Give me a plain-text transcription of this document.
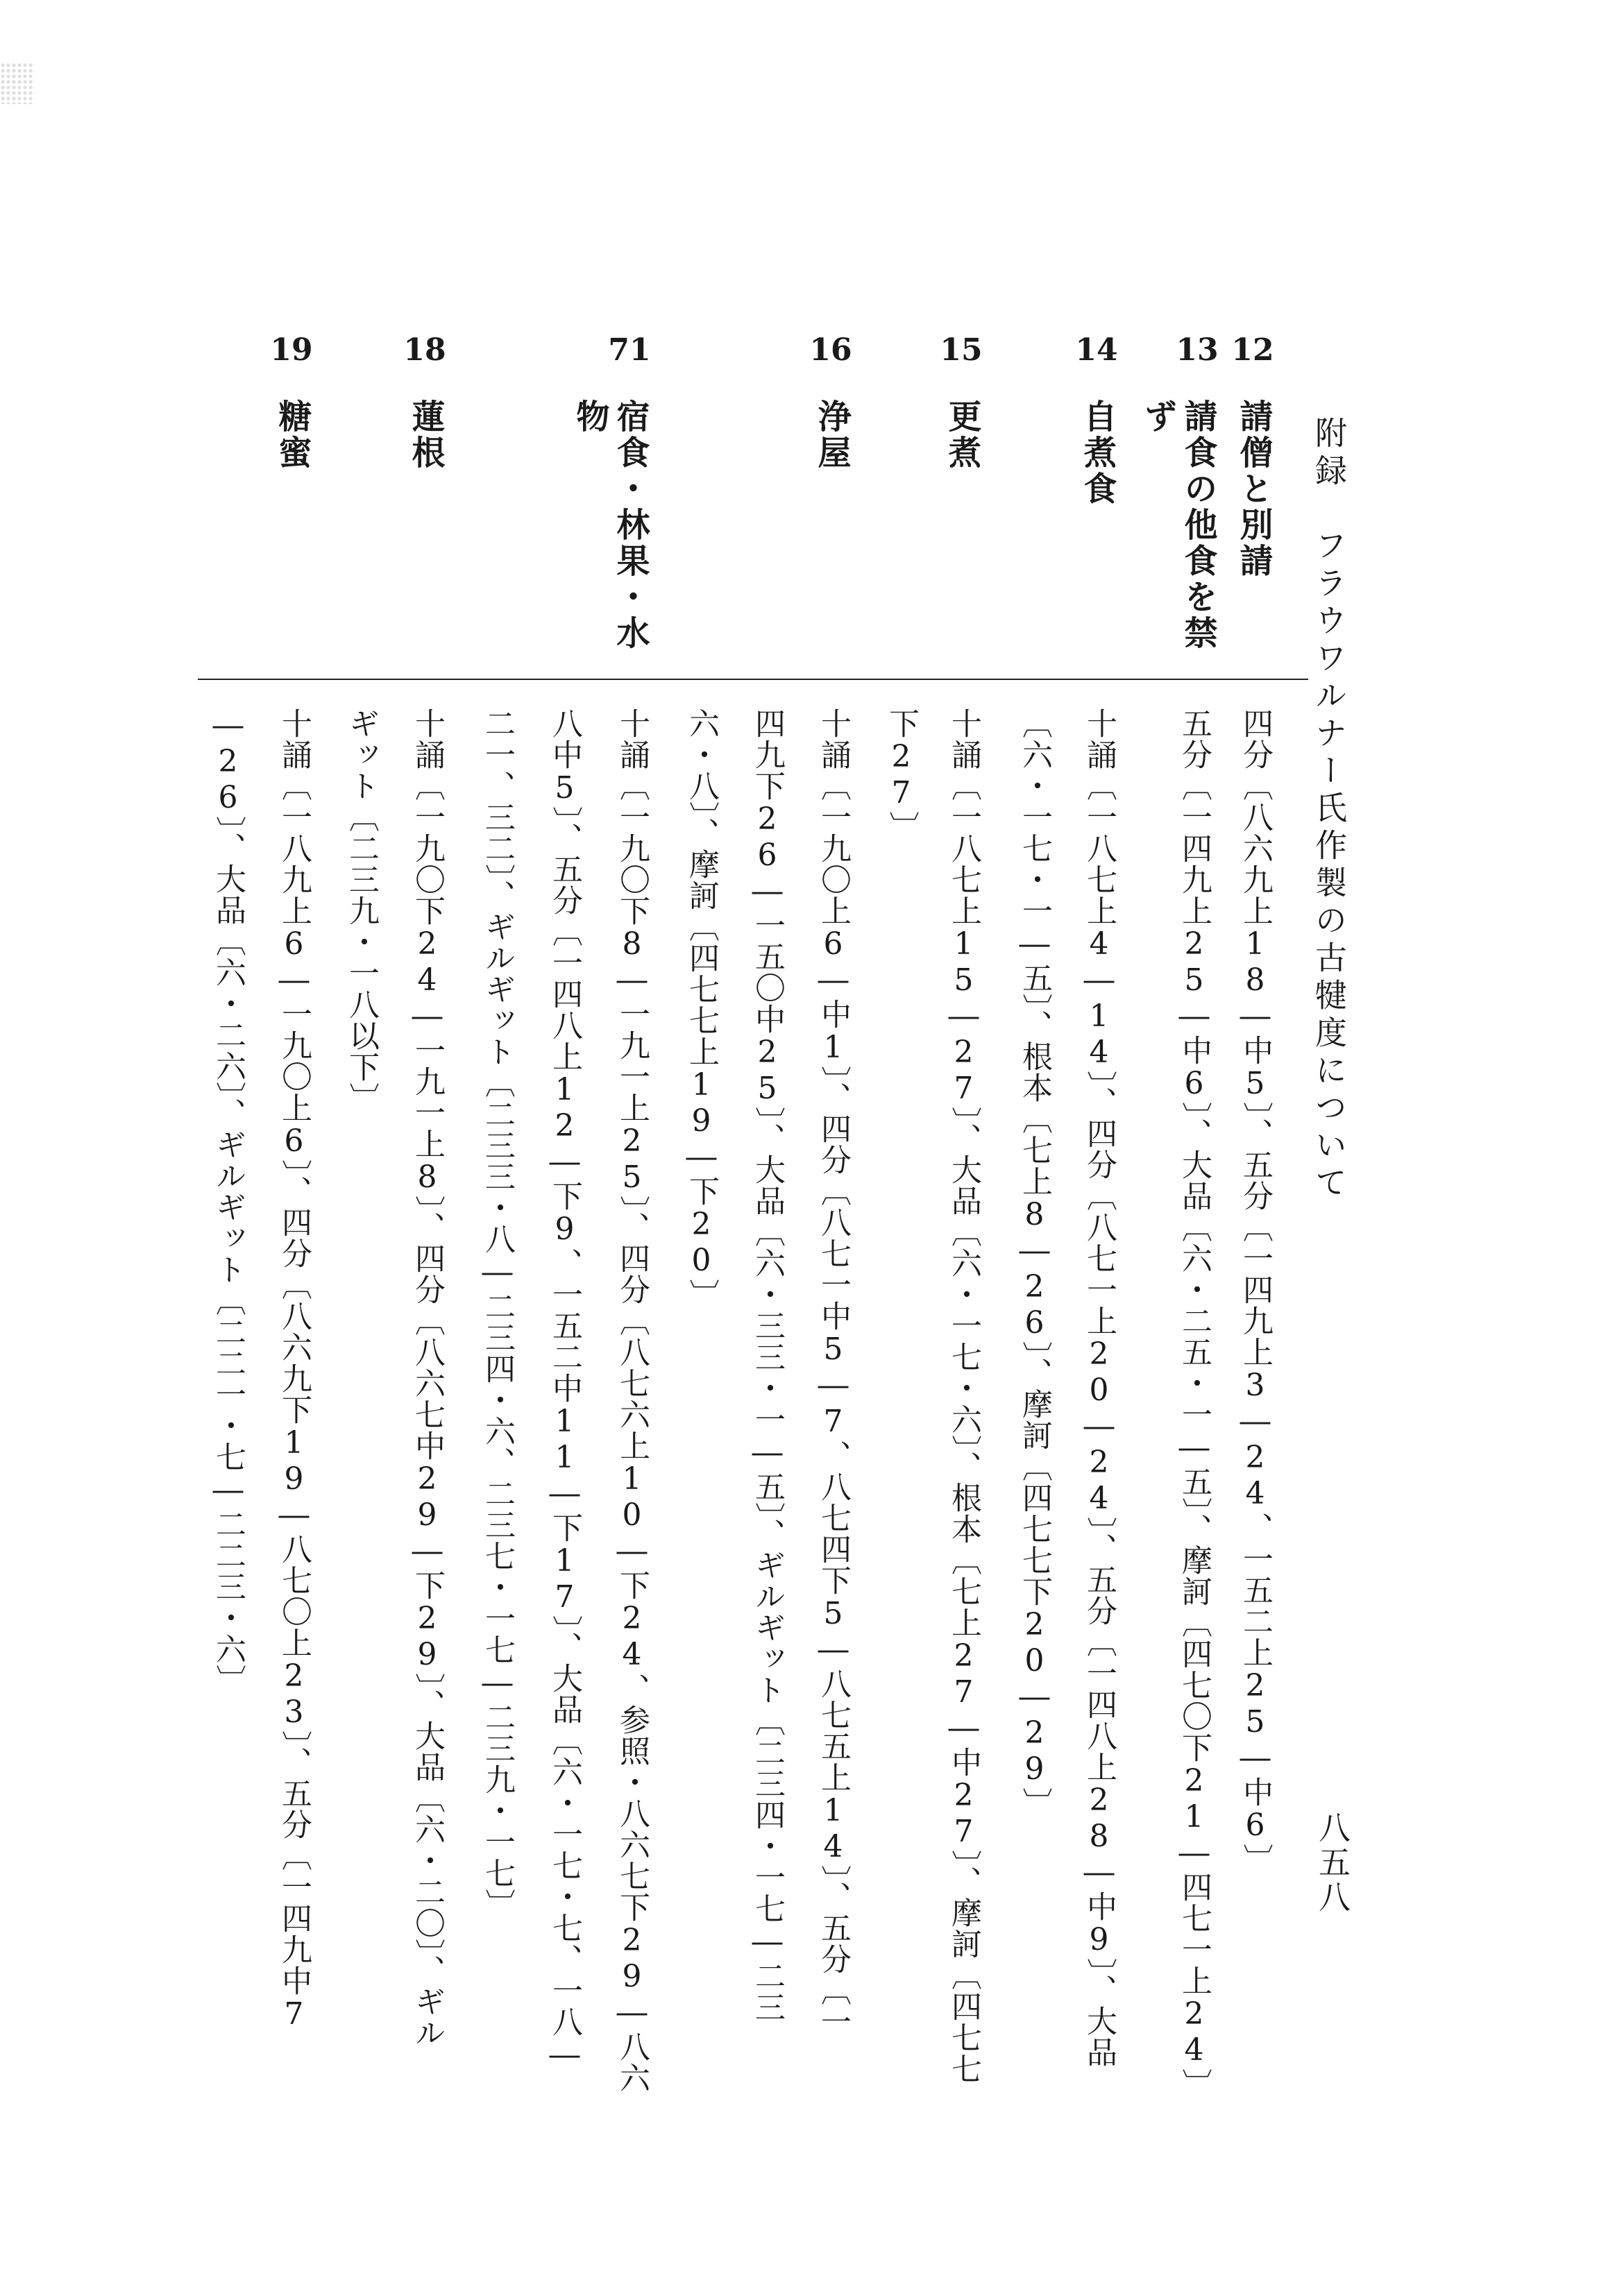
附録　フラウワルナー氏作製の古犍度について
八五八
12
請僧と別請
四分〔八六九上18―中5〕、五分〔一四九上3―24、一五二上25―中6〕
13
請食の他食を禁
ず
五分〔一四九上25―中6〕、大品〔六・二五・一―五〕、摩訶〔四七〇下21―四七一上24〕
14
自煮食
十誦〔一八七上4―14〕、四分〔八七一上20―24〕、五分〔一四八上28―中9〕、大品
〔六・一七・一―五〕、根本〔七上8―26〕、摩訶〔四七七下20―29〕
15
更煮
十誦〔一八七上15―27〕、大品〔六・一七・六〕、根本〔七上27―中27〕、摩訶〔四七七
下27〕
16
浄屋
十誦〔一九〇上6―中1〕、四分〔八七一中5―7、八七四下5―八七五上14〕、五分〔一
四九下26―一五〇中25〕、大品〔六・三三・一―五〕、ギルギット〔二三四・一七―二三
六・八〕、摩訶〔四七七上19―下20〕
71
宿食・林果・水
物
十誦〔一九〇下8―一九一上25〕、四分〔八七六上10―下24、参照・八六七下29―八六
八中5〕、五分〔一四八上12―下9、一五二中11―下17〕、大品〔六・一七・七、一八―
二一、三二〕、ギルギット〔二三三・八―二三四・六、二三七・一七―二三九・一七〕
18
蓮根
十誦〔一九〇下24―一九一上8〕、四分〔八六七中29―下29〕、大品〔六・二〇〕、ギル
ギット〔二三九・一八以下〕
19
糖蜜
十誦〔一八九上6―一九〇上6〕、四分〔八六九下19―八七〇上23〕、五分〔一四九中7
―26〕、大品〔六・二六〕、ギルギット〔二二一・七―二二三・六〕
